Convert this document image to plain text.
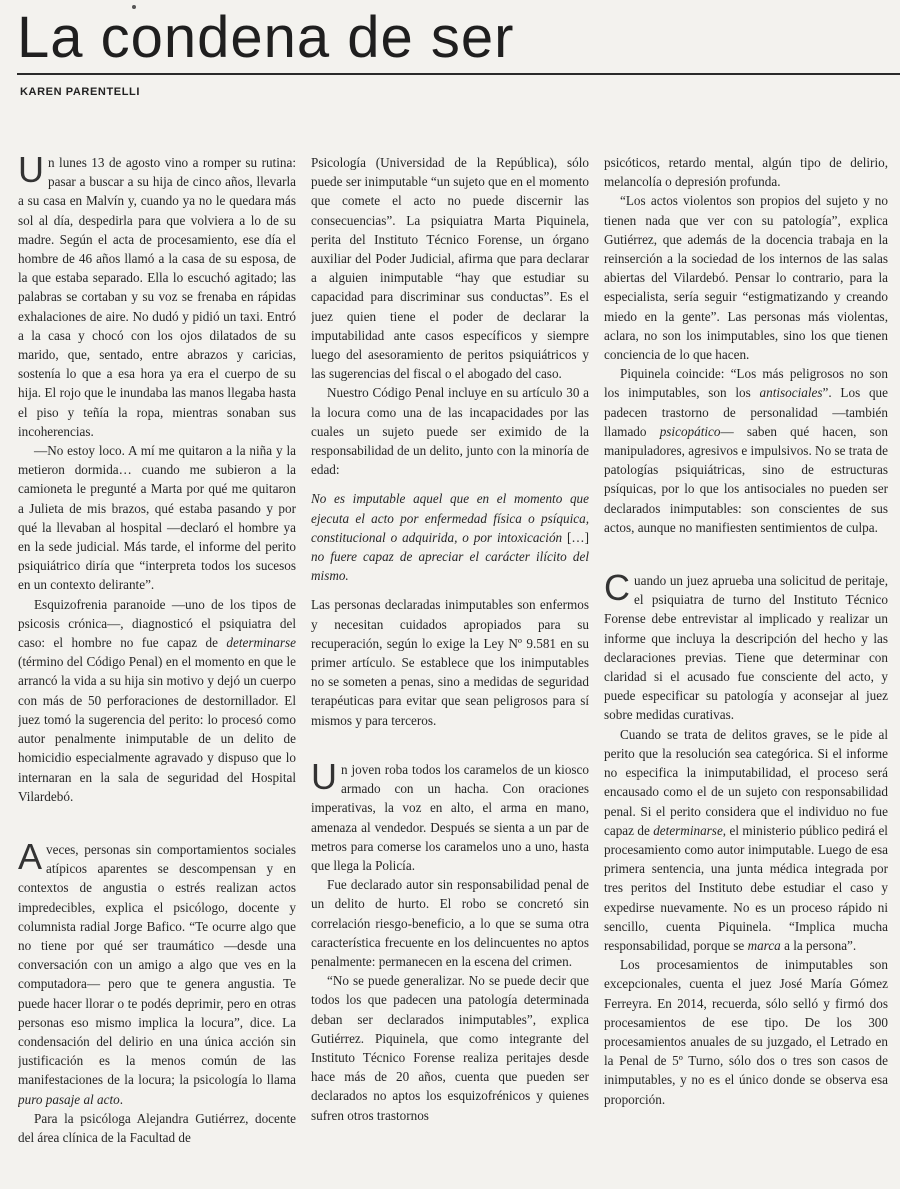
La condena de ser
KAREN PARENTELLI

Un lunes 13 de agosto vino a romper su rutina: pasar a buscar a su hija de cinco años, llevarla a su casa en Malvín y, cuando ya no le quedara más sol al día, despedirla para que volviera a lo de su madre. Según el acta de procesamiento, ese día el hombre de 46 años llamó a la casa de su esposa, de la que estaba separado. Ella lo escuchó agitado; las palabras se cortaban y su voz se frenaba en rápidas exhalaciones de aire. No dudó y pidió un taxi. Entró a la casa y chocó con los ojos dilatados de su marido, que, sentado, entre abrazos y caricias, sostenía lo que a esa hora ya era el cuerpo de su hija. El rojo que le inundaba las manos llegaba hasta el piso y teñía la ropa, mientras sonaban sus incoherencias.

—No estoy loco. A mí me quitaron a la niña y la metieron dormida… cuando me subieron a la camioneta le pregunté a Marta por qué me quitaron a Julieta de mis brazos, qué estaba pasando y por qué la llevaban al hospital —declaró el hombre ya en la sede judicial. Más tarde, el informe del perito psiquiátrico diría que “interpreta todos los sucesos en un contexto delirante”.

Esquizofrenia paranoide —uno de los tipos de psicosis crónica—, diagnosticó el psiquiatra del caso: el hombre no fue capaz de determinarse (término del Código Penal) en el momento en que le arrancó la vida a su hija sin motivo y dejó un cuerpo con más de 50 perforaciones de destornillador. El juez tomó la sugerencia del perito: lo procesó como autor penalmente inimputable de un delito de homicidio especialmente agravado y dispuso que lo internaran en la sala de seguridad del Hospital Vilardebó.

Aveces, personas sin comportamientos sociales atípicos aparentes se descompensan y en contextos de angustia o estrés realizan actos impredecibles, explica el psicólogo, docente y columnista radial Jorge Bafico. “Te ocurre algo que no tiene por qué ser traumático —desde una conversación con un amigo a algo que ves en la computadora— pero que te genera angustia. Te puede hacer llorar o te podés deprimir, pero en otras personas eso mismo implica la locura”, dice. La condensación del delirio en una única acción sin justificación es la menos común de las manifestaciones de la locura; la psicología lo llama puro pasaje al acto.

Para la psicóloga Alejandra Gutiérrez, docente del área clínica de la Facultad de

Psicología (Universidad de la República), sólo puede ser inimputable “un sujeto que en el momento que comete el acto no puede discernir las consecuencias”. La psiquiatra Marta Piquinela, perita del Instituto Técnico Forense, un órgano auxiliar del Poder Judicial, afirma que para declarar a alguien inimputable “hay que estudiar su capacidad para discriminar sus conductas”. Es el juez quien tiene el poder de declarar la imputabilidad ante casos específicos y siempre luego del asesoramiento de peritos psiquiátricos y las sugerencias del fiscal o el abogado del caso.

Nuestro Código Penal incluye en su artículo 30 a la locura como una de las incapacidades por las cuales un sujeto puede ser eximido de la responsabilidad de un delito, junto con la minoría de edad:

No es imputable aquel que en el momento que ejecuta el acto por enfermedad física o psíquica, constitucional o adquirida, o por intoxicación […] no fuere capaz de apreciar el carácter ilícito del mismo.

Las personas declaradas inimputables son enfermos y necesitan cuidados apropiados para su recuperación, según lo exige la Ley Nº 9.581 en su primer artículo. Se establece que los inimputables no se someten a penas, sino a medidas de seguridad terapéuticas para evitar que sean peligrosos para sí mismos y para terceros.

Un joven roba todos los caramelos de un kiosco armado con un hacha. Con oraciones imperativas, la voz en alto, el arma en mano, amenaza al vendedor. Después se sienta a un par de metros para comerse los caramelos uno a uno, hasta que llega la Policía.

Fue declarado autor sin responsabilidad penal de un delito de hurto. El robo se concretó sin correlación riesgo-beneficio, a lo que se suma otra característica frecuente en los delincuentes no aptos penalmente: permanecen en la escena del crimen.

“No se puede generalizar. No se puede decir que todos los que padecen una patología determinada deban ser declarados inimputables”, explica Gutiérrez. Piquinela, que como integrante del Instituto Técnico Forense realiza peritajes desde hace más de 20 años, cuenta que pueden ser declarados no aptos los esquizofrénicos y quienes sufren otros trastornos

psicóticos, retardo mental, algún tipo de delirio, melancolía o depresión profunda.

“Los actos violentos son propios del sujeto y no tienen nada que ver con su patología”, explica Gutiérrez, que además de la docencia trabaja en la reinserción a la sociedad de los internos de las salas abiertas del Vilardebó. Pensar lo contrario, para la especialista, sería seguir “estigmatizando y creando miedo en la gente”. Las personas más violentas, aclara, no son los inimputables, sino los que tienen conciencia de lo que hacen.

Piquinela coincide: “Los más peligrosos no son los inimputables, son los antisociales”. Los que padecen trastorno de personalidad —también llamado psicopático— saben qué hacen, son manipuladores, agresivos e impulsivos. No se trata de patologías psiquiátricas, sino de estructuras psíquicas, por lo que los antisociales no pueden ser declarados inimputables: son conscientes de sus actos, aunque no manifiesten sentimientos de culpa.

Cuando un juez aprueba una solicitud de peritaje, el psiquiatra de turno del Instituto Técnico Forense debe entrevistar al implicado y realizar un informe que incluya la descripción del hecho y las declaraciones previas. Tiene que determinar con claridad si el acusado fue consciente del acto, y puede especificar su patología y aconsejar al juez sobre medidas curativas.

Cuando se trata de delitos graves, se le pide al perito que la resolución sea categórica. Si el informe no especifica la inimputabilidad, el proceso será encausado como el de un sujeto con responsabilidad penal. Si el perito considera que el individuo no fue capaz de determinarse, el ministerio público pedirá el procesamiento como autor inimputable. Luego de esa primera sentencia, una junta médica integrada por tres peritos del Instituto debe estudiar el caso y expedirse nuevamente. No es un proceso rápido ni sencillo, cuenta Piquinela. “Implica mucha responsabilidad, porque se marca a la persona”.

Los procesamientos de inimputables son excepcionales, cuenta el juez José María Gómez Ferreyra. En 2014, recuerda, sólo selló y firmó dos procesamientos de ese tipo. De los 300 procesamientos anuales de su juzgado, el Letrado en la Penal de 5º Turno, sólo dos o tres son casos de inimputables, y no es el único donde se observa esa proporción.
